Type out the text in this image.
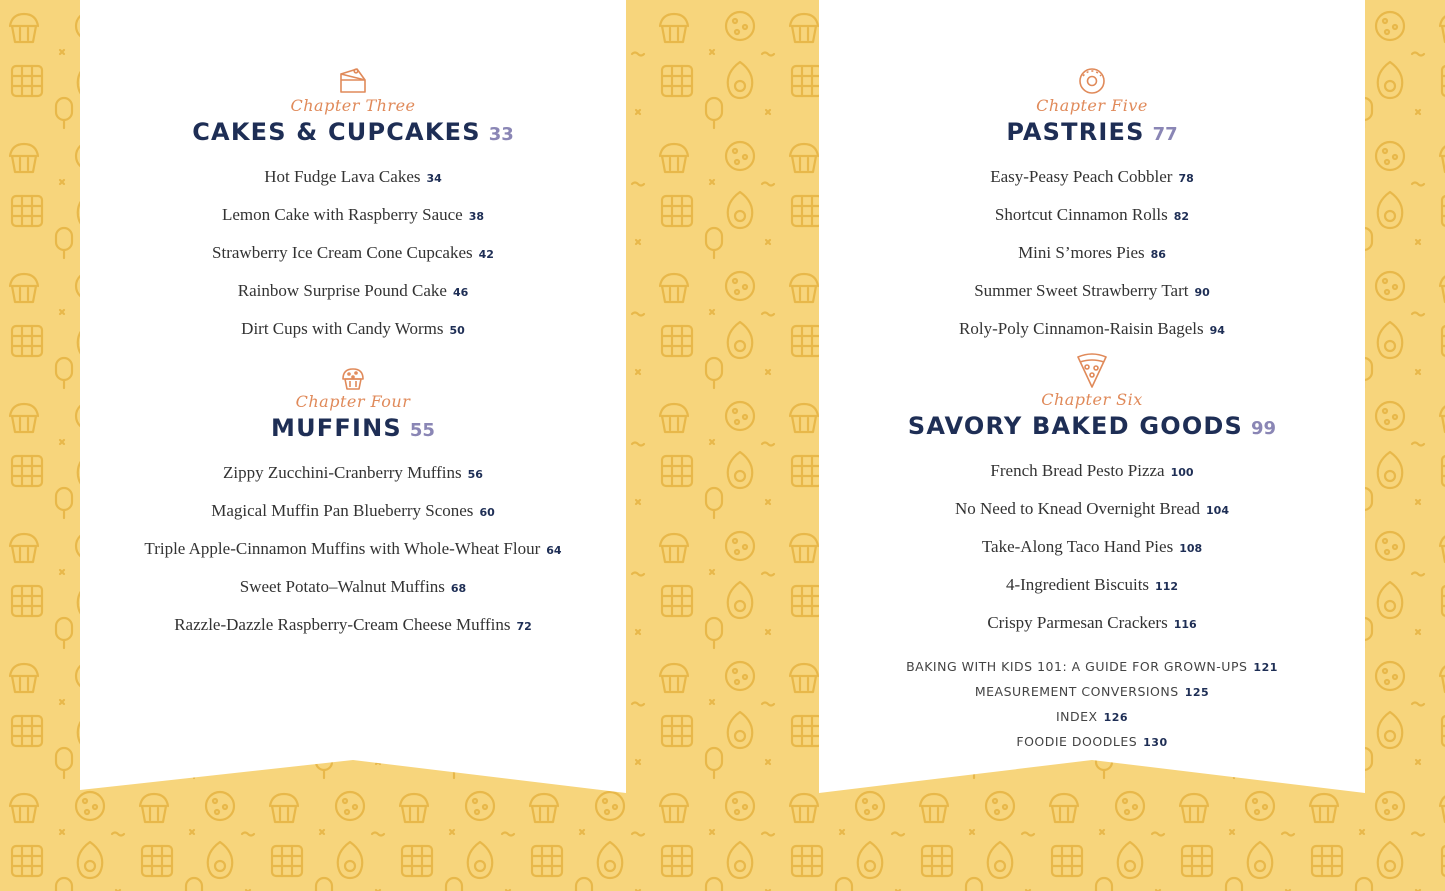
Chapter Three
CAKES & CUPCAKES 33
Hot Fudge Lava Cakes 34
Lemon Cake with Raspberry Sauce 38
Strawberry Ice Cream Cone Cupcakes 42
Rainbow Surprise Pound Cake 46
Dirt Cups with Candy Worms 50
Chapter Four
MUFFINS 55
Zippy Zucchini-Cranberry Muffins 56
Magical Muffin Pan Blueberry Scones 60
Triple Apple-Cinnamon Muffins with Whole-Wheat Flour 64
Sweet Potato–Walnut Muffins 68
Razzle-Dazzle Raspberry-Cream Cheese Muffins 72
Chapter Five
PASTRIES 77
Easy-Peasy Peach Cobbler 78
Shortcut Cinnamon Rolls 82
Mini S’mores Pies 86
Summer Sweet Strawberry Tart 90
Roly-Poly Cinnamon-Raisin Bagels 94
Chapter Six
SAVORY BAKED GOODS 99
French Bread Pesto Pizza 100
No Need to Knead Overnight Bread 104
Take-Along Taco Hand Pies 108
4-Ingredient Biscuits 112
Crispy Parmesan Crackers 116
BAKING WITH KIDS 101: A GUIDE FOR GROWN-UPS 121
MEASUREMENT CONVERSIONS 125
INDEX 126
FOODIE DOODLES 130
